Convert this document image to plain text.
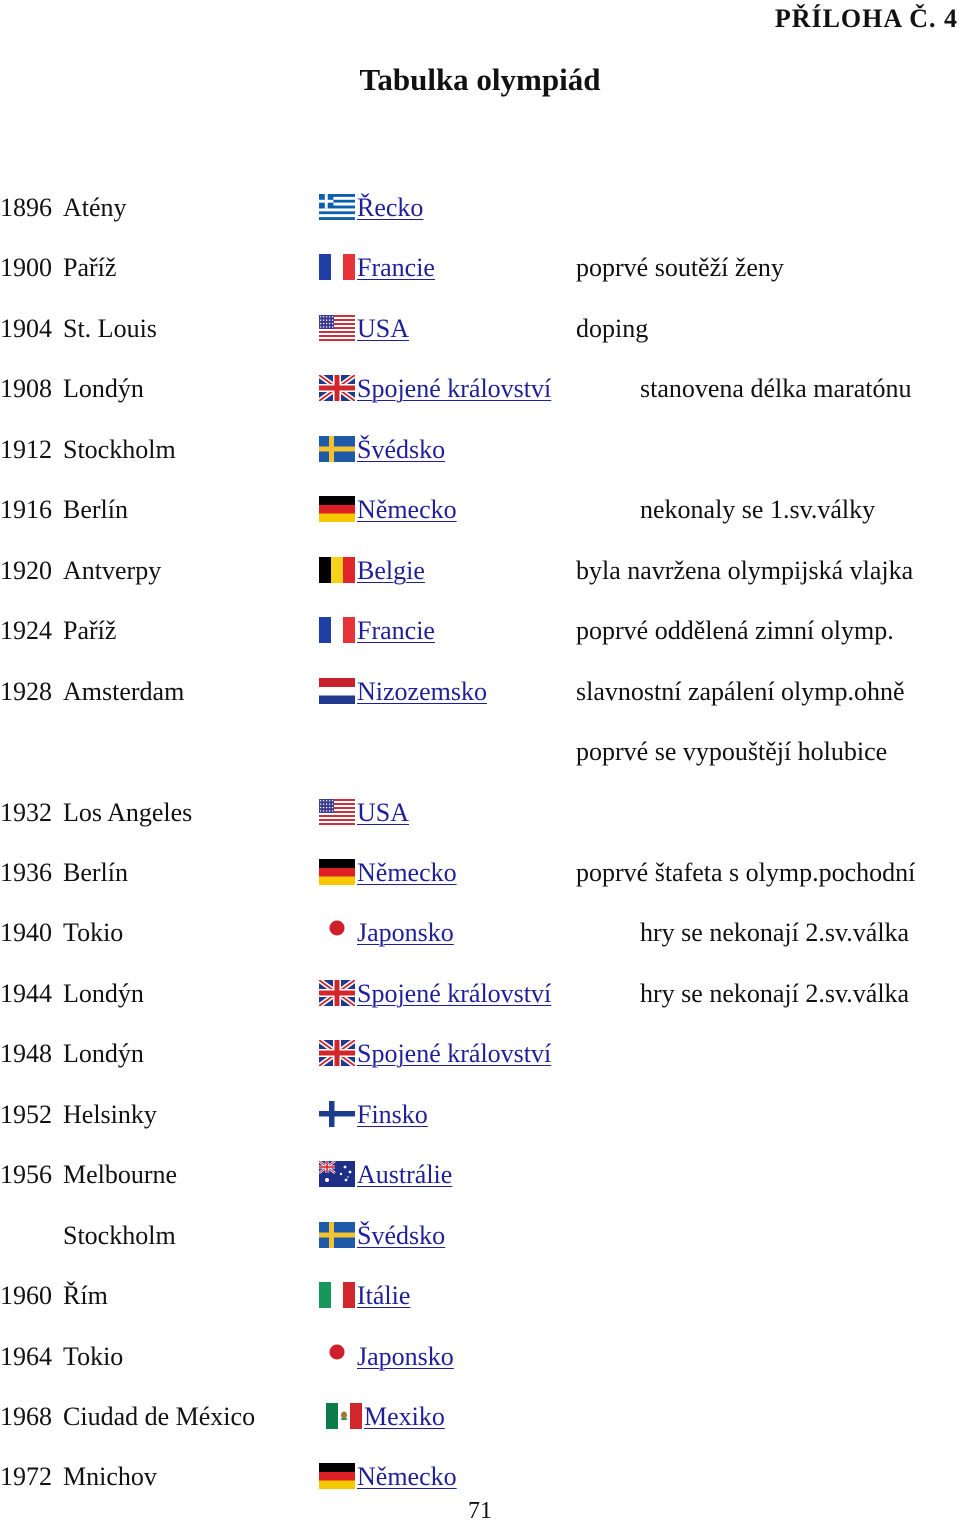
PŘÍLOHA Č. 4
Tabulka olympiád
1896 Atény	Řecko
1900 Paříž	Francie	poprvé soutěží ženy
1904 St. Louis	USA	doping
1908 Londýn	Spojené království	stanovena délka maratónu
1912 Stockholm	Švédsko
1916 Berlín	Německo	nekonaly se 1.sv.války
1920 Antverpy	Belgie	byla navržena olympijská vlajka
1924 Paříž	Francie	poprvé oddělená zimní olymp.
1928 Amsterdam	Nizozemsko	slavnostní zapálení olymp.ohně
poprvé se vypouštějí holubice
1932 Los Angeles	USA
1936 Berlín	Německo	poprvé štafeta s olymp.pochodní
1940 Tokio	Japonsko	hry se nekonají 2.sv.válka
1944 Londýn	Spojené království	hry se nekonají 2.sv.válka
1948 Londýn	Spojené království
1952 Helsinky	Finsko
1956 Melbourne	Austrálie
Stockholm	Švédsko
1960 Řím	Itálie
1964 Tokio	Japonsko
1968 Ciudad de México	Mexiko
1972 Mnichov	Německo
71
